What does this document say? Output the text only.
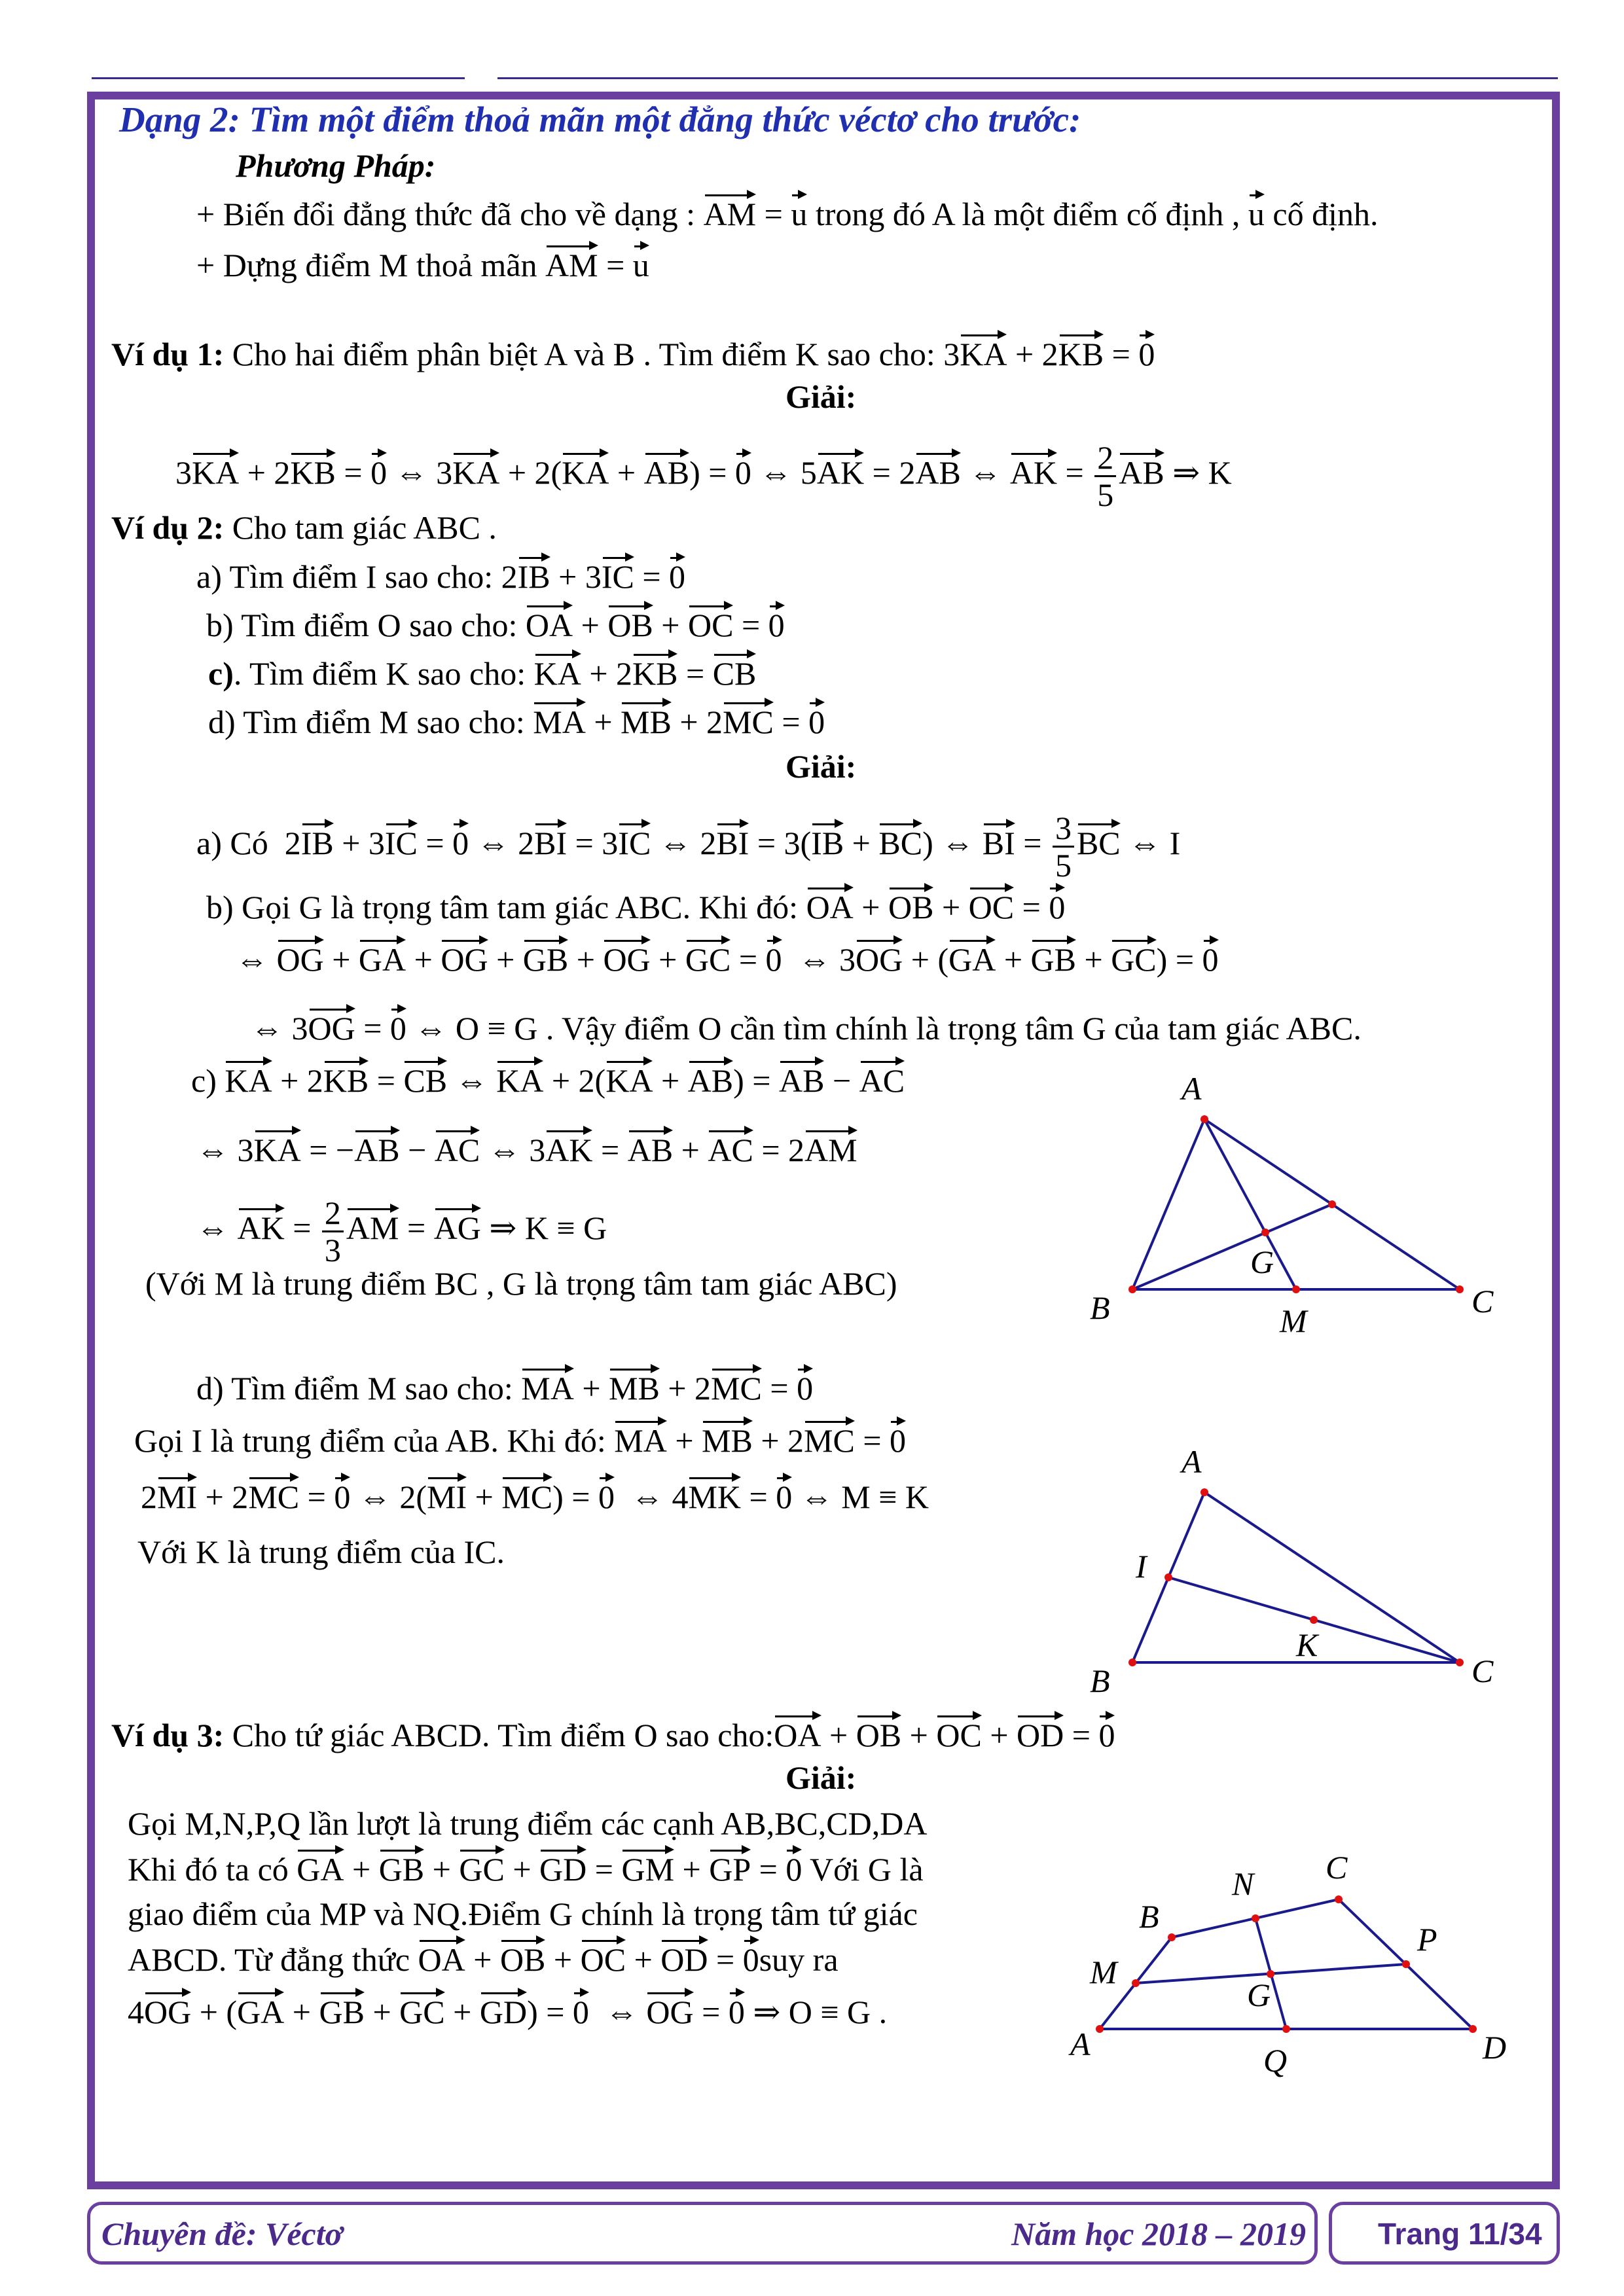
Dạng 2: Tìm một điểm thoả mãn một đẳng thức véctơ cho trước:
Phương Pháp:
+ Biến đổi đẳng thức đã cho về dạng : AM = u trong đó A là một điểm cố định , u cố định.
+ Dựng điểm M thoả mãn AM = u
Ví dụ 1: Cho hai điểm phân biệt A và B . Tìm điểm K sao cho: 3KA + 2KB = 0
Giải:
3KA + 2KB = 0 ⇔ 3KA + 2(KA + AB) = 0 ⇔ 5AK = 2AB ⇔ AK = $\frac{2}{5}$ AB ⇒ K
Ví dụ 2: Cho tam giác ABC .
a) Tìm điểm I sao cho: 2IB + 3IC = 0
b) Tìm điểm O sao cho: OA + OB + OC = 0
c). Tìm điểm K sao cho: KA + 2KB = CB
d) Tìm điểm M sao cho: MA + MB + 2MC = 0
Giải:
a) Có  2IB + 3IC = 0 ⇔ 2BI = 3IC ⇔ 2BI = 3(IB + BC) ⇔ BI = $\frac{3}{5}$ BC ⇔ I
b) Gọi G là trọng tâm tam giác ABC. Khi đó: OA + OB + OC = 0
⇔ OG + GA + OG + GB + OG + GC = 0  ⇔ 3OG + (GA + GB + GC) = 0
⇔ 3OG = 0 ⇔ O ≡ G . Vậy điểm O cần tìm chính là trọng tâm G của tam giác ABC.
c) KA + 2KB = CB ⇔ KA + 2(KA + AB) = AB − AC
⇔ 3KA = −AB − AC ⇔ 3AK = AB + AC = 2AM
⇔ AK = $\frac{2}{3}$ AM = AG ⇒ K ≡ G
(Với M là trung điểm BC , G là trọng tâm tam giác ABC)
d) Tìm điểm M sao cho: MA + MB + 2MC = 0
Gọi I là trung điểm của AB. Khi đó: MA + MB + 2MC = 0
2MI + 2MC = 0 ⇔ 2(MI + MC) = 0  ⇔ 4MK = 0 ⇔ M ≡ K
Với K là trung điểm của IC.
Ví dụ 3: Cho tứ giác ABCD. Tìm điểm O sao cho:OA + OB + OC + OD = 0
Giải:
Gọi M,N,P,Q lần lượt là trung điểm các cạnh AB,BC,CD,DA
Khi đó ta có GA + GB + GC + GD = GM + GP = 0 Với G là
giao điểm của MP và NQ.Điểm G chính là trọng tâm tứ giác
ABCD. Từ đẳng thức OA + OB + OC + OD = 0suy ra
4OG + (GA + GB + GC + GD) = 0  ⇔ OG = 0 ⇒ O ≡ G .
A
B	C
G
M
A
I
K
B	C
C
N
B
P
M
G
A	D
Q
Chuyên đề: Véctơ	Năm học 2018 – 2019 Trang 11/34
